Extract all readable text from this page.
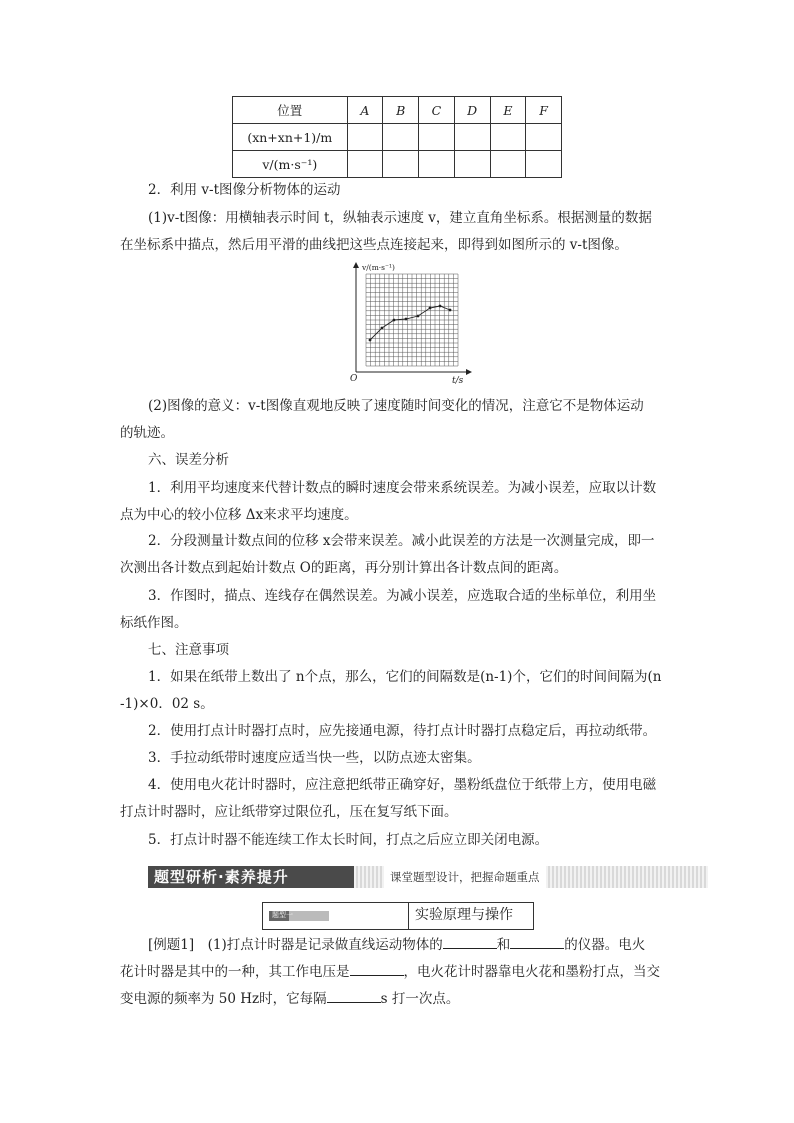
位置	A	B	C	D	E	F
(xn+xn+1)/m						
v/(m·s⁻¹)						
2．利用 v-t图像分析物体的运动
(1)v-t图像：用横轴表示时间 t，纵轴表示速度 v，建立直角坐标系。根据测量的数据
在坐标系中描点，然后用平滑的曲线把这些点连接起来，即得到如图所示的 v-t图像。
v/(m·s⁻¹)
t/s
O
(2)图像的意义：v-t图像直观地反映了速度随时间变化的情况，注意它不是物体运动
的轨迹。
六、误差分析
1．利用平均速度来代替计数点的瞬时速度会带来系统误差。为减小误差，应取以计数
点为中心的较小位移 Δx来求平均速度。
2．分段测量计数点间的位移 x会带来误差。减小此误差的方法是一次测量完成，即一
次测出各计数点到起始计数点 O的距离，再分别计算出各计数点间的距离。
3．作图时，描点、连线存在偶然误差。为减小误差，应选取合适的坐标单位，利用坐
标纸作图。
七、注意事项
1．如果在纸带上数出了 n个点，那么，它们的间隔数是(n-1)个，它们的时间间隔为(n
-1)×0．02 s。
2．使用打点计时器打点时，应先接通电源，待打点计时器打点稳定后，再拉动纸带。
3．手拉动纸带时速度应适当快一些，以防点迹太密集。
4．使用电火花计时器时，应注意把纸带正确穿好，墨粉纸盘位于纸带上方，使用电磁
打点计时器时，应让纸带穿过限位孔，压在复写纸下面。
5．打点计时器不能连续工作太长时间，打点之后应立即关闭电源。
题型研析·素养提升	课堂题型设计，把握命题重点
题型一	实验原理与操作
[例题1]　(1)打点计时器是记录做直线运动物体的	和	的仪器。电火
花计时器是其中的一种，其工作电压是	，电火花计时器靠电火花和墨粉打点，当交
变电源的频率为 50 Hz时，它每隔	s 打一次点。
